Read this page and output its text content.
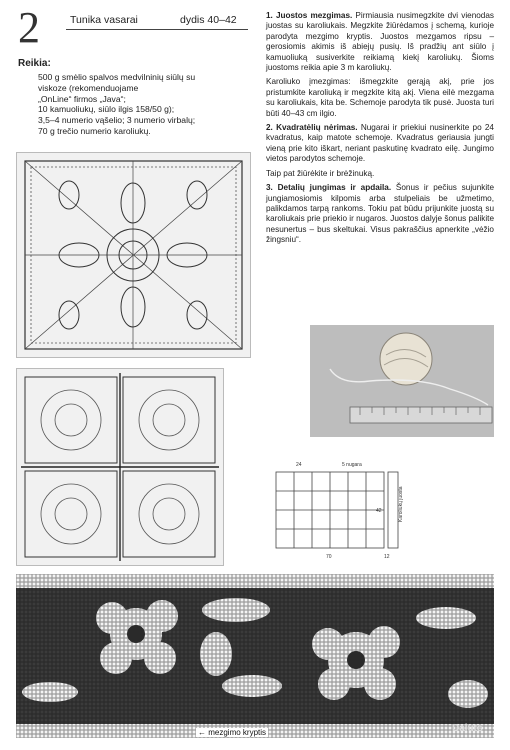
2	Tunika vasarai	dydis 40–42
Reikia:
500 g smėlio spalvos medvilninių siūlų su
viskoze (rekomenduojame
„OnLine“ firmos „Java“;
10 kamuoliukų, siūlo ilgis 158/50 g);
3,5–4 numerio vąšelio; 3 numerio virbalų;
70 g trečio numerio karoliukų.

1. Juostos mezgimas. Pirmiausia nusimegzkite dvi vienodas juostas su karoliukais. Megzkite žiūrėdamos į schemą, kurioje parodyta mezgimo kryptis. Juostos mezgamos ripsu – gerosiomis akimis iš abiejų pusių. Iš pradžių ant siūlo į kamuoliuką susiverkite reikiamą kiekį karoliukų. Šioms juostoms reikia apie 3 m karoliukų.

Karoliuko įmezgimas: išmegzkite gerąją akį, prie jos pristumkite karoliuką ir megzkite kitą akį. Viena eilė mezgama su karoliukais, kita be. Schemoje parodyta tik pusė. Juosta turi būti 40–43 cm ilgio.

2. Kvadratėlių nėrimas. Nugarai ir priekiui nusinerkite po 24 kvadratus, kaip matote schemoje. Kvadratus geriausia jungti vieną prie kito iškart, neriant paskutinę kvadrato eilę. Jungimo vietos parodytos schemoje.

Taip pat žiūrėkite ir brėžinuką.

3. Detalių jungimas ir apdaila. Šonus ir pečius sujunkite jungiamosiomis kilpomis arba stulpeliais be užmetimo, palikdamos tarpą rankoms. Tokiu pat būdu prijunkite juostą su karoliukais prie priekio ir nugaros. Juostos dalyje šonus palikite nesunertus – bus skeltukai. Visus pakraščius apnerkite „vėžio žingsniu“.

24	5 nugara
Karoliukų juosta
42
70	12
← mezgimo kryptis	Dalute
